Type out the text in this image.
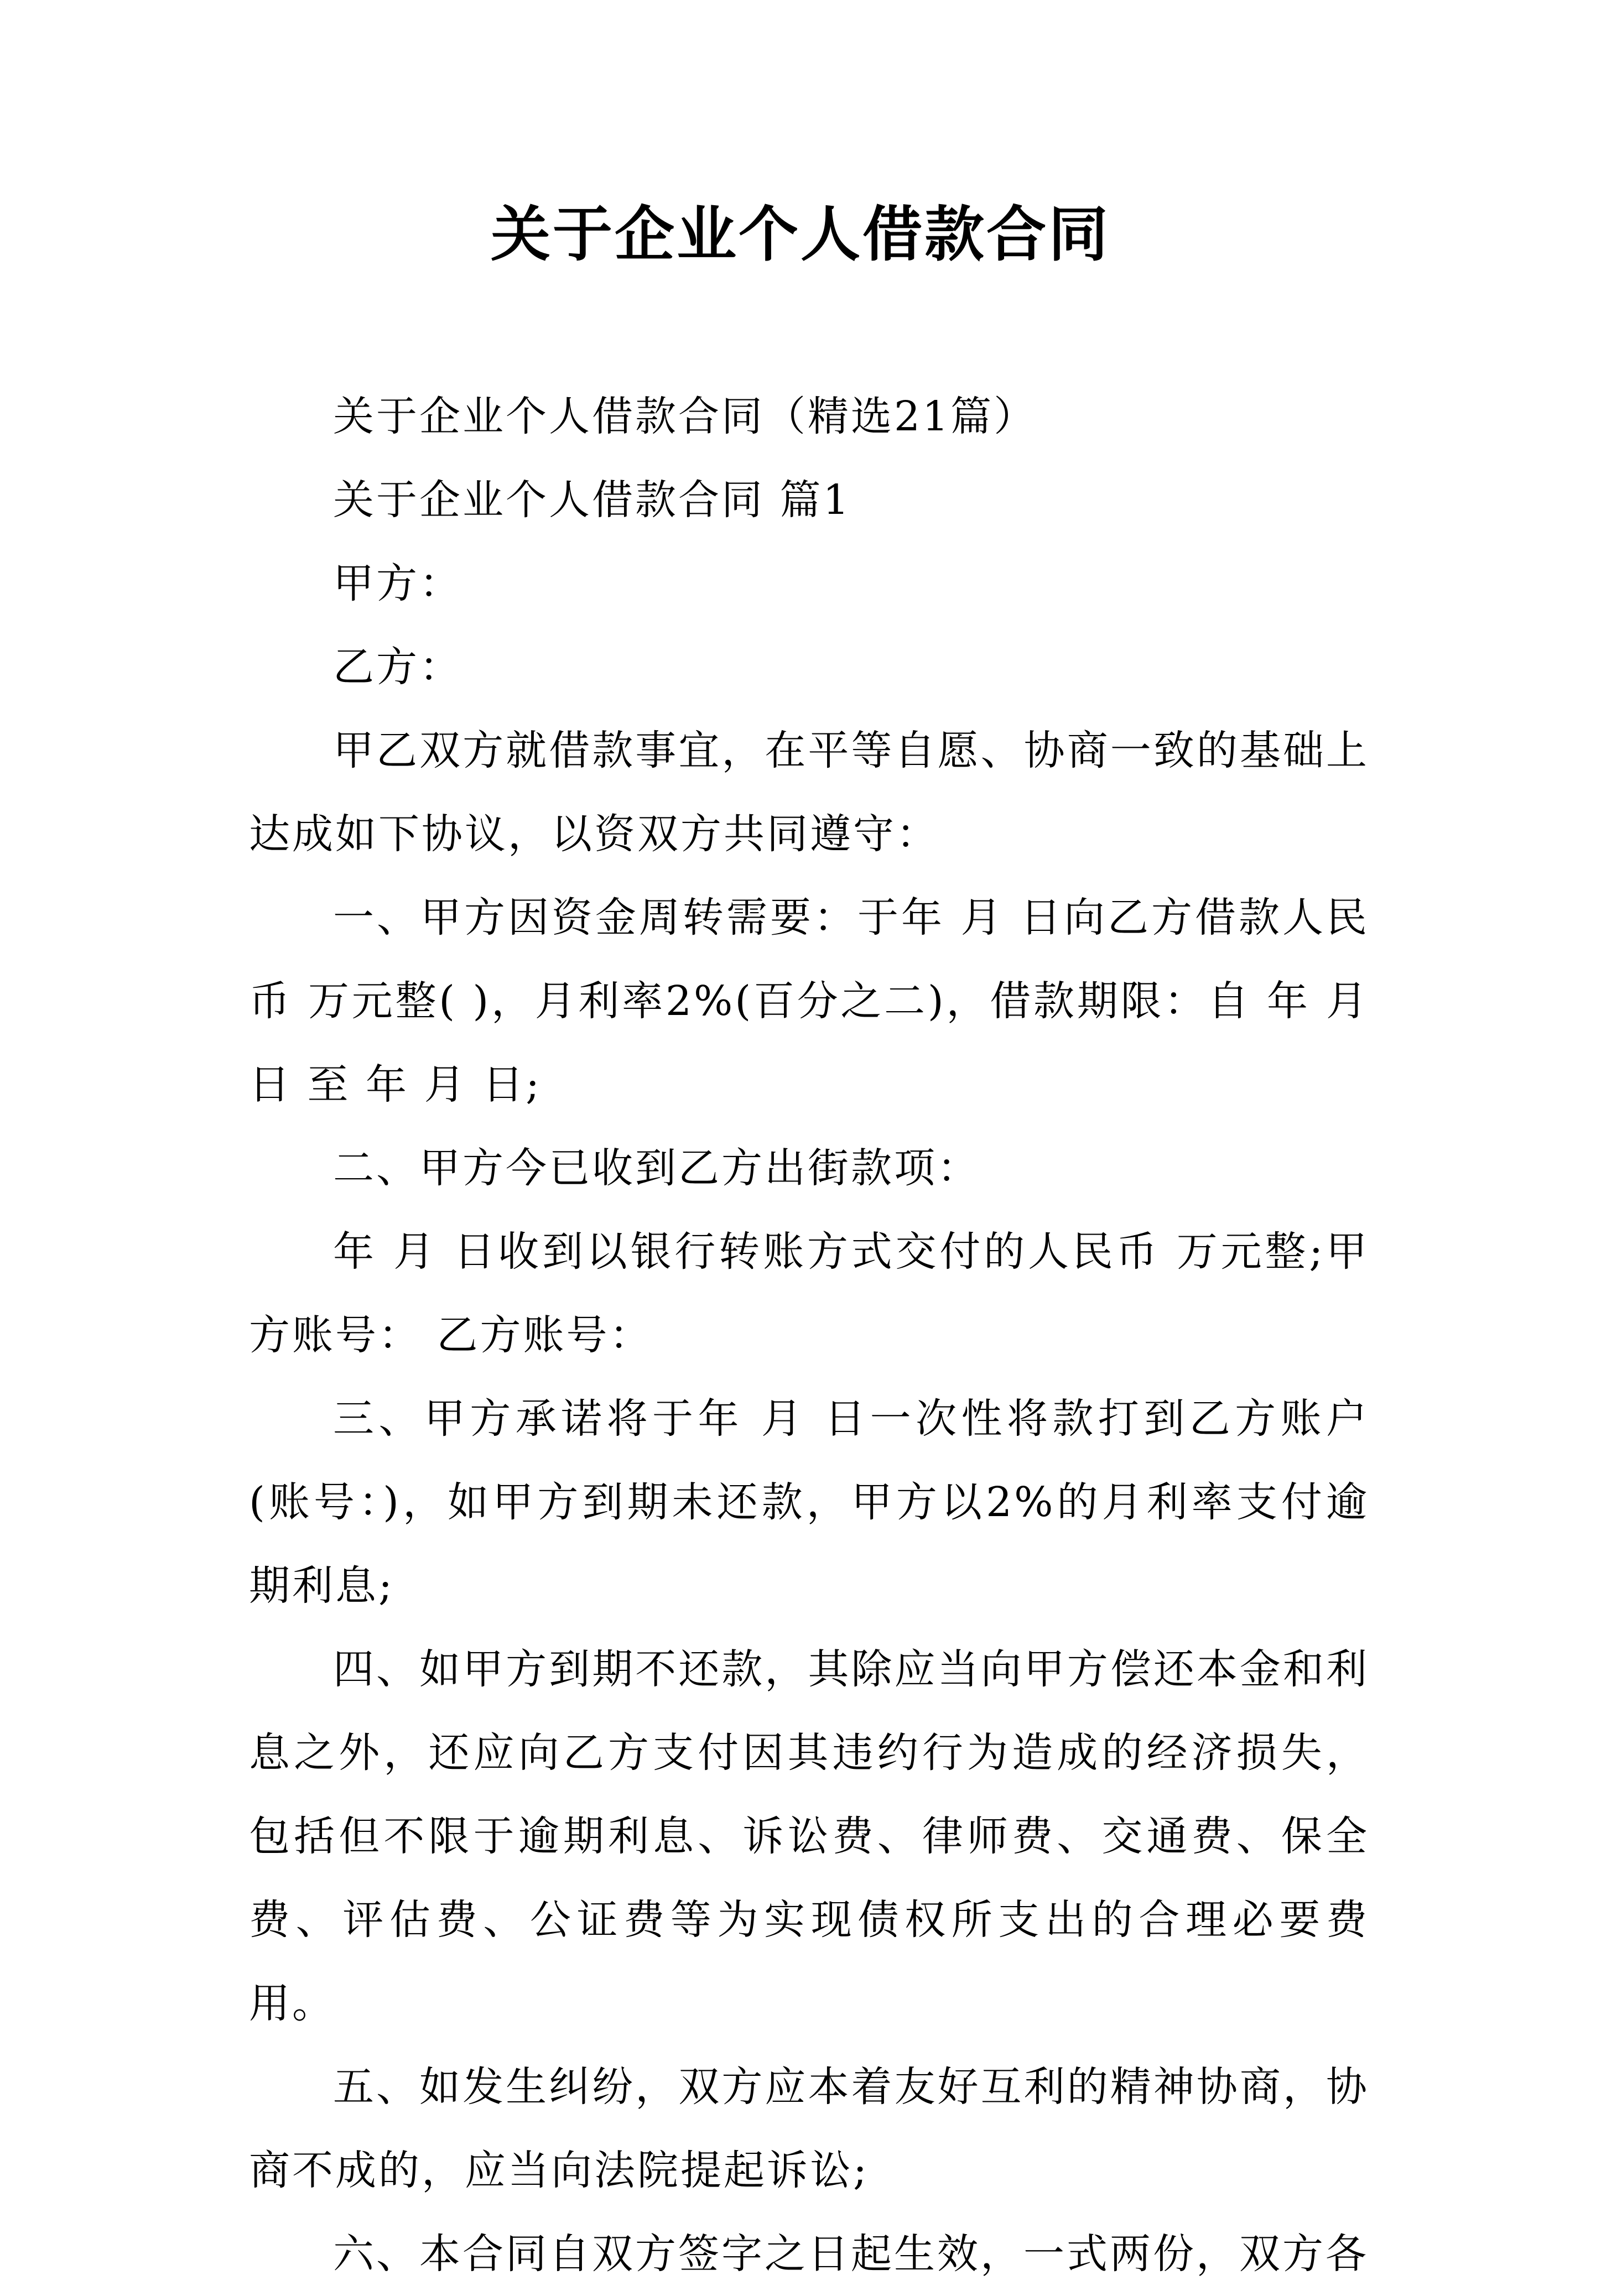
关于企业个人借款合同

关于企业个人借款合同（精选21篇）

关于企业个人借款合同 篇1

甲方：

乙方：

甲乙双方就借款事宜，在平等自愿、协商一致的基础上达成如下协议，以资双方共同遵守：

一、甲方因资金周转需要：于年 月 日向乙方借款人民币 万元整( )，月利率2%(百分之二)，借款期限：自 年 月 日 至 年 月 日;

二、甲方今已收到乙方出街款项：

年 月 日收到以银行转账方式交付的人民币 万元整;甲方账号： 乙方账号：

三、甲方承诺将于年 月 日一次性将款打到乙方账户(账号：)，如甲方到期未还款，甲方以2%的月利率支付逾期利息;

四、如甲方到期不还款，其除应当向甲方偿还本金和利息之外，还应向乙方支付因其违约行为造成的经济损失，包括但不限于逾期利息、诉讼费、律师费、交通费、保全费、评估费、公证费等为实现债权所支出的合理必要费用。

五、如发生纠纷，双方应本着友好互利的精神协商，协商不成的，应当向法院提起诉讼;

六、本合同自双方签字之日起生效，一式两份，双方各
